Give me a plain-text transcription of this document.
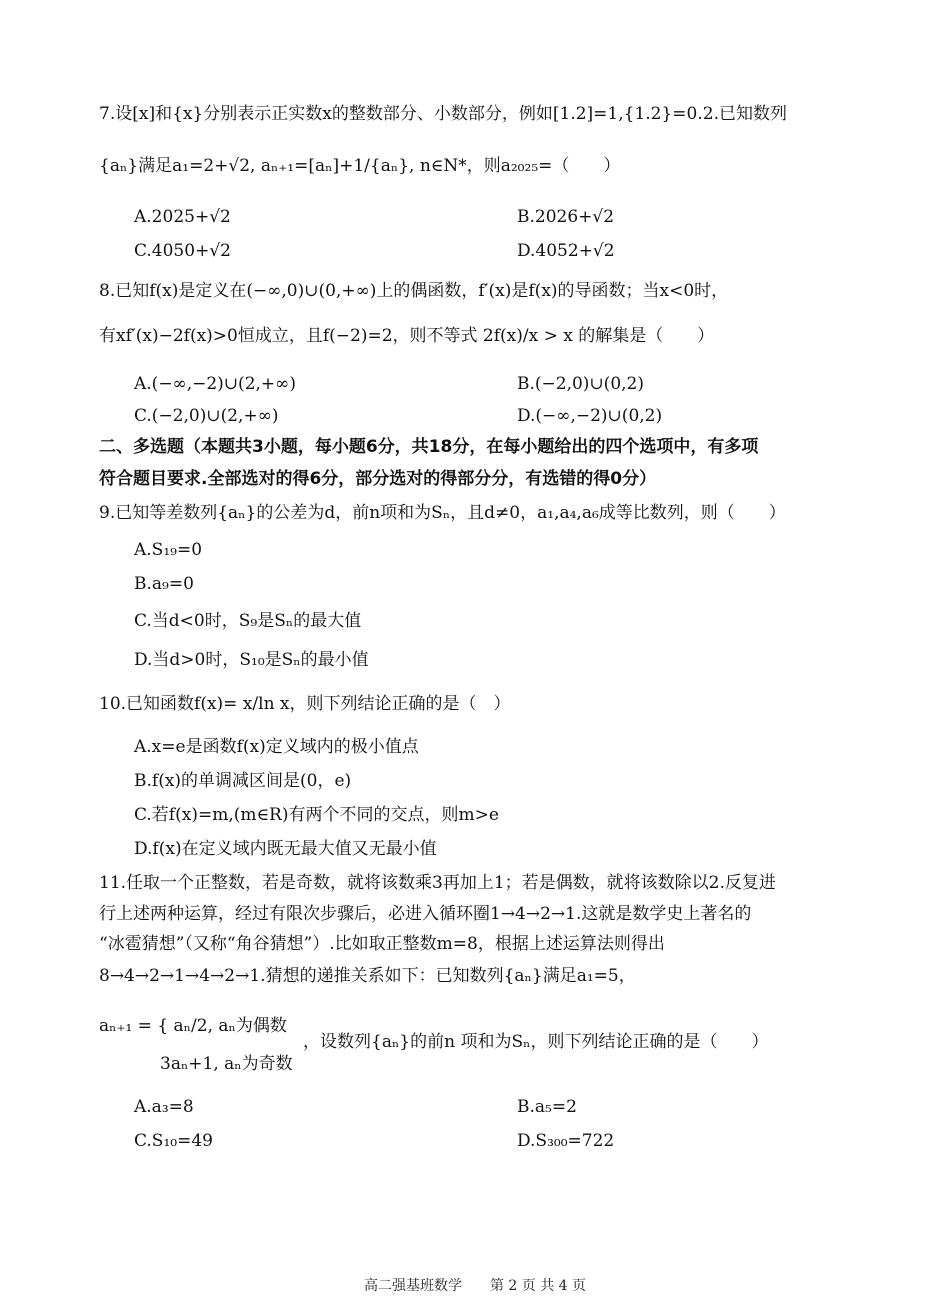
7.设[x]和{x}分别表示正实数x的整数部分、小数部分，例如[1.2]=1,{1.2}=0.2.已知数列
{aₙ}满足a₁=2+√2, aₙ₊₁=[aₙ]+1/{aₙ}, n∈N*，则a₂₀₂₅=（　　）
A.2025+√2	B.2026+√2
C.4050+√2	D.4052+√2
8.已知f(x)是定义在(−∞,0)∪(0,+∞)上的偶函数，f′(x)是f(x)的导函数；当x<0时，
有xf′(x)−2f(x)>0恒成立，且f(−2)=2，则不等式 2f(x)/x > x 的解集是（　　）
A.(−∞,−2)∪(2,+∞)	B.(−2,0)∪(0,2)
C.(−2,0)∪(2,+∞)	D.(−∞,−2)∪(0,2)
二、多选题（本题共3小题，每小题6分，共18分，在每小题给出的四个选项中，有多项
符合题目要求.全部选对的得6分，部分选对的得部分分，有选错的得0分）
9.已知等差数列{aₙ}的公差为d，前n项和为Sₙ，且d≠0，a₁,a₄,a₆成等比数列，则（　　）
A.S₁₉=0
B.a₉=0
C.当d<0时，S₉是Sₙ的最大值
D.当d>0时，S₁₀是Sₙ的最小值
10.已知函数f(x)= x/ln x，则下列结论正确的是（　）
A.x=e是函数f(x)定义域内的极小值点
B.f(x)的单调减区间是(0，e)
C.若f(x)=m,(m∈R)有两个不同的交点，则m>e
D.f(x)在定义域内既无最大值又无最小值
11.任取一个正整数，若是奇数，就将该数乘3再加上1；若是偶数，就将该数除以2.反复进
行上述两种运算，经过有限次步骤后，必进入循环圈1→4→2→1.这就是数学史上著名的
“冰雹猜想”（又称“角谷猜想”）.比如取正整数m=8，根据上述运算法则得出
8→4→2→1→4→2→1.猜想的递推关系如下：已知数列{aₙ}满足a₁=5，
aₙ₊₁ = { aₙ/2, aₙ为偶数
3aₙ+1, aₙ为奇数
，设数列{aₙ}的前n 项和为Sₙ，则下列结论正确的是（　　）
A.a₃=8	B.a₅=2
C.S₁₀=49	D.S₃₀₀=722
高二强基班数学　　第 2 页 共 4 页
